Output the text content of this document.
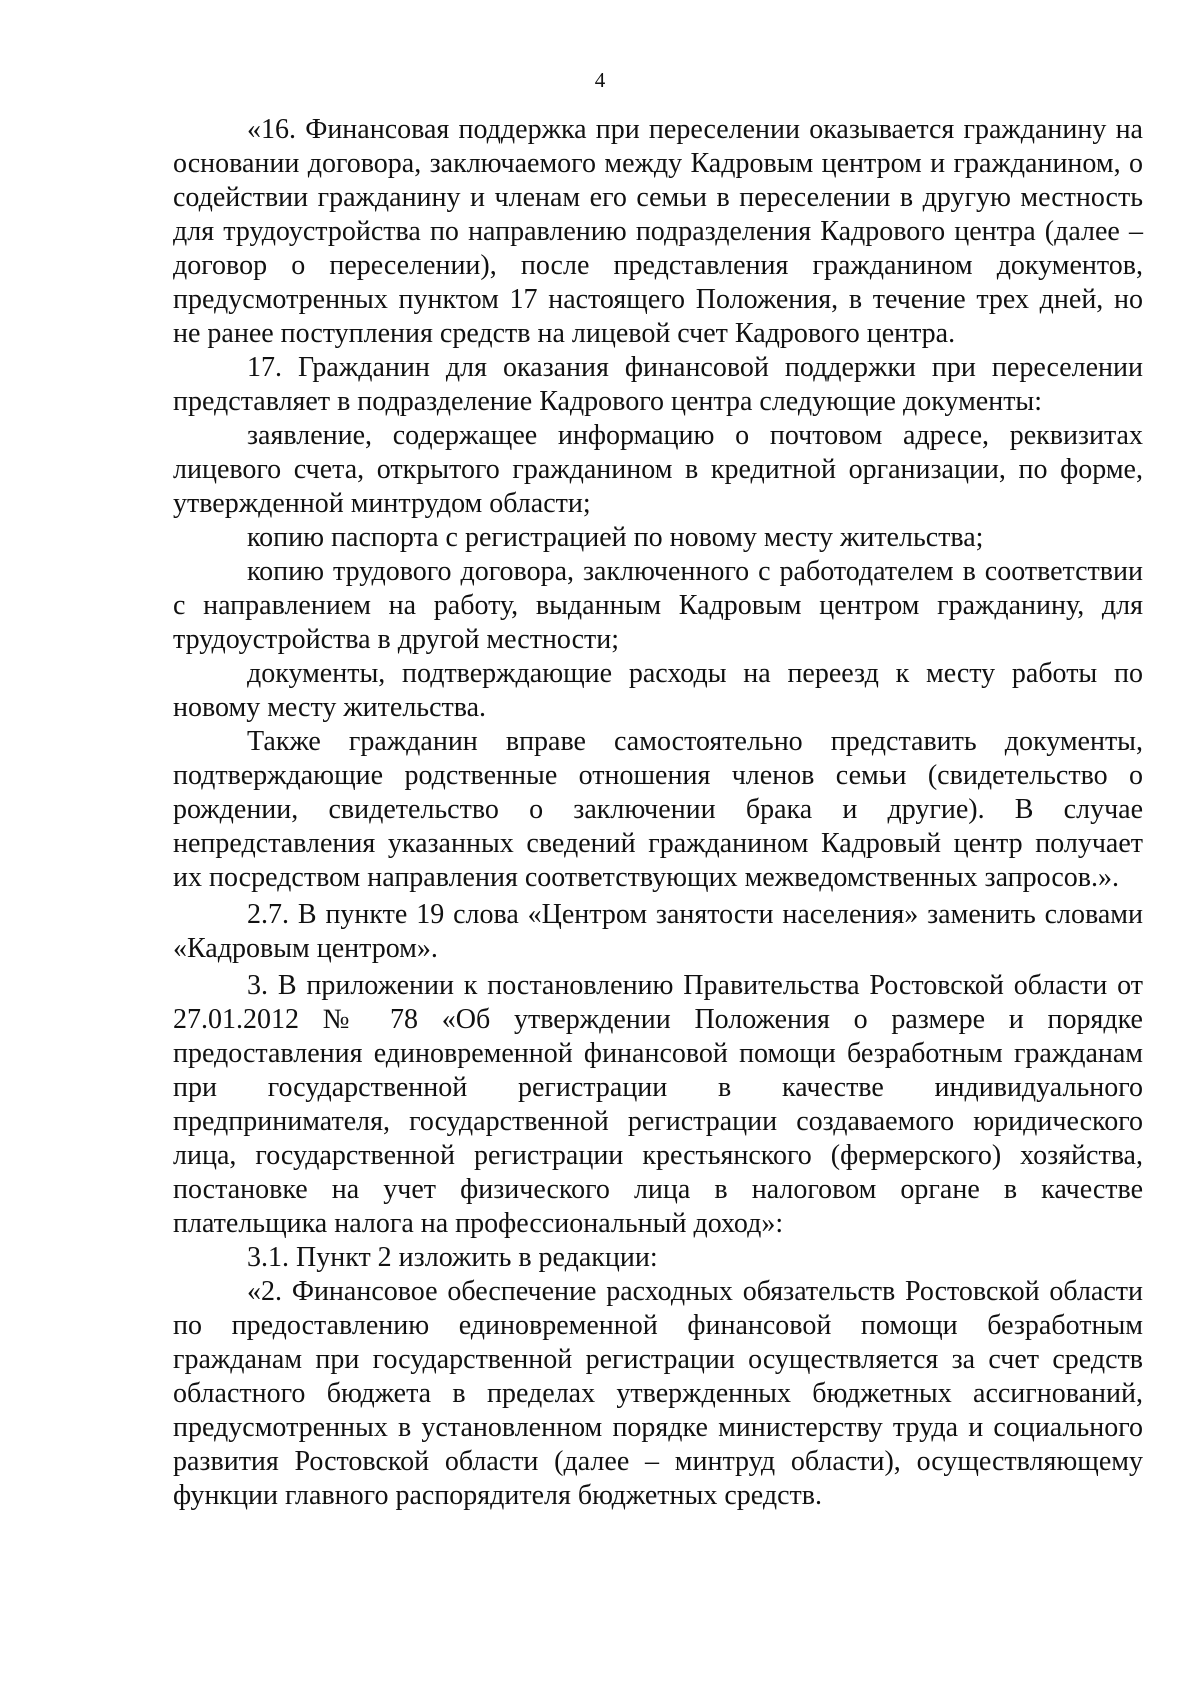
4

«16. Финансовая поддержка при переселении оказывается гражданину на основании договора, заключаемого между Кадровым центром и гражданином, о содействии гражданину и членам его семьи в переселении в другую местность для трудоустройства по направлению подразделения Кадрового центра (далее – договор о переселении), после представления гражданином документов, предусмотренных пунктом 17 настоящего Положения, в течение трех дней, но не ранее поступления средств на лицевой счет Кадрового центра.

17. Гражданин для оказания финансовой поддержки при переселении представляет в подразделение Кадрового центра следующие документы:

заявление, содержащее информацию о почтовом адресе, реквизитах лицевого счета, открытого гражданином в кредитной организации, по форме, утвержденной минтрудом области;

копию паспорта с регистрацией по новому месту жительства;

копию трудового договора, заключенного с работодателем в соответствии с направлением на работу, выданным Кадровым центром гражданину, для трудоустройства в другой местности;

документы, подтверждающие расходы на переезд к месту работы по новому месту жительства.

Также гражданин вправе самостоятельно представить документы, подтверждающие родственные отношения членов семьи (свидетельство о рождении, свидетельство о заключении брака и другие). В случае непредставления указанных сведений гражданином Кадровый центр получает их посредством направления соответствующих межведомственных запросов.».

2.7. В пункте 19 слова «Центром занятости населения» заменить словами «Кадровым центром».

3. В приложении к постановлению Правительства Ростовской области от 27.01.2012 № 78 «Об утверждении Положения о размере и порядке предоставления единовременной финансовой помощи безработным гражданам при государственной регистрации в качестве индивидуального предпринимателя, государственной регистрации создаваемого юридического лица, государственной регистрации крестьянского (фермерского) хозяйства, постановке на учет физического лица в налоговом органе в качестве плательщика налога на профессиональный доход»:

3.1. Пункт 2 изложить в редакции:

«2. Финансовое обеспечение расходных обязательств Ростовской области по предоставлению единовременной финансовой помощи безработным гражданам при государственной регистрации осуществляется за счет средств областного бюджета в пределах утвержденных бюджетных ассигнований, предусмотренных в установленном порядке министерству труда и социального развития Ростовской области (далее – минтруд области), осуществляющему функции главного распорядителя бюджетных средств.
